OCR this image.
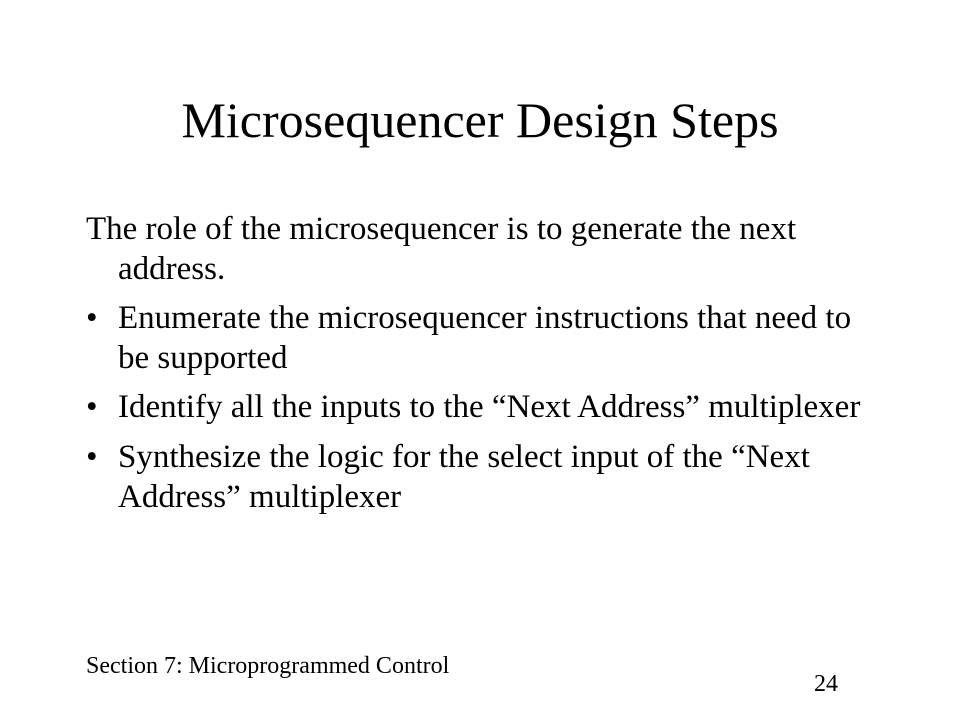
Microsequencer Design Steps

The role of the microsequencer is to generate the next address.

• Enumerate the microsequencer instructions that need to be supported
• Identify all the inputs to the “Next Address” multiplexer
• Synthesize the logic for the select input of the “Next Address” multiplexer
Section 7: Microprogrammed Control
24
